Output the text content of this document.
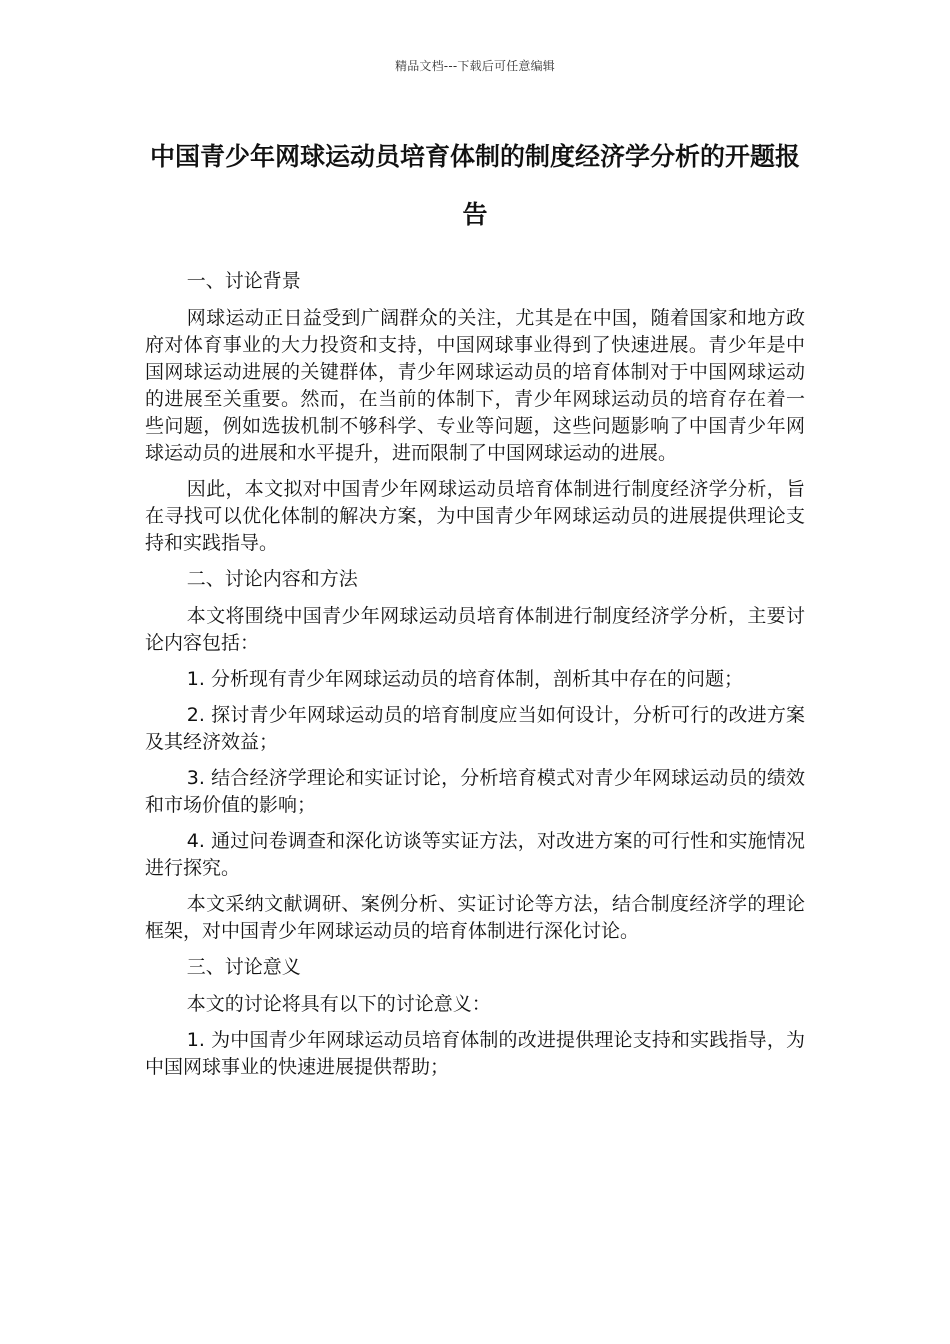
精品文档---下载后可任意编辑
中国青少年网球运动员培育体制的制度经济学分析的开题报告

一、讨论背景

网球运动正日益受到广阔群众的关注，尤其是在中国，随着国家和地方政府对体育事业的大力投资和支持，中国网球事业得到了快速进展。青少年是中国网球运动进展的关键群体，青少年网球运动员的培育体制对于中国网球运动的进展至关重要。然而，在当前的体制下，青少年网球运动员的培育存在着一些问题，例如选拔机制不够科学、专业等问题，这些问题影响了中国青少年网球运动员的进展和水平提升，进而限制了中国网球运动的进展。

因此，本文拟对中国青少年网球运动员培育体制进行制度经济学分析，旨在寻找可以优化体制的解决方案，为中国青少年网球运动员的进展提供理论支持和实践指导。

二、讨论内容和方法

本文将围绕中国青少年网球运动员培育体制进行制度经济学分析，主要讨论内容包括：

1. 分析现有青少年网球运动员的培育体制，剖析其中存在的问题；

2. 探讨青少年网球运动员的培育制度应当如何设计，分析可行的改进方案及其经济效益；

3. 结合经济学理论和实证讨论，分析培育模式对青少年网球运动员的绩效和市场价值的影响；

4. 通过问卷调查和深化访谈等实证方法，对改进方案的可行性和实施情况进行探究。

本文采纳文献调研、案例分析、实证讨论等方法，结合制度经济学的理论框架，对中国青少年网球运动员的培育体制进行深化讨论。

三、讨论意义

本文的讨论将具有以下的讨论意义：

1. 为中国青少年网球运动员培育体制的改进提供理论支持和实践指导，为中国网球事业的快速进展提供帮助；
